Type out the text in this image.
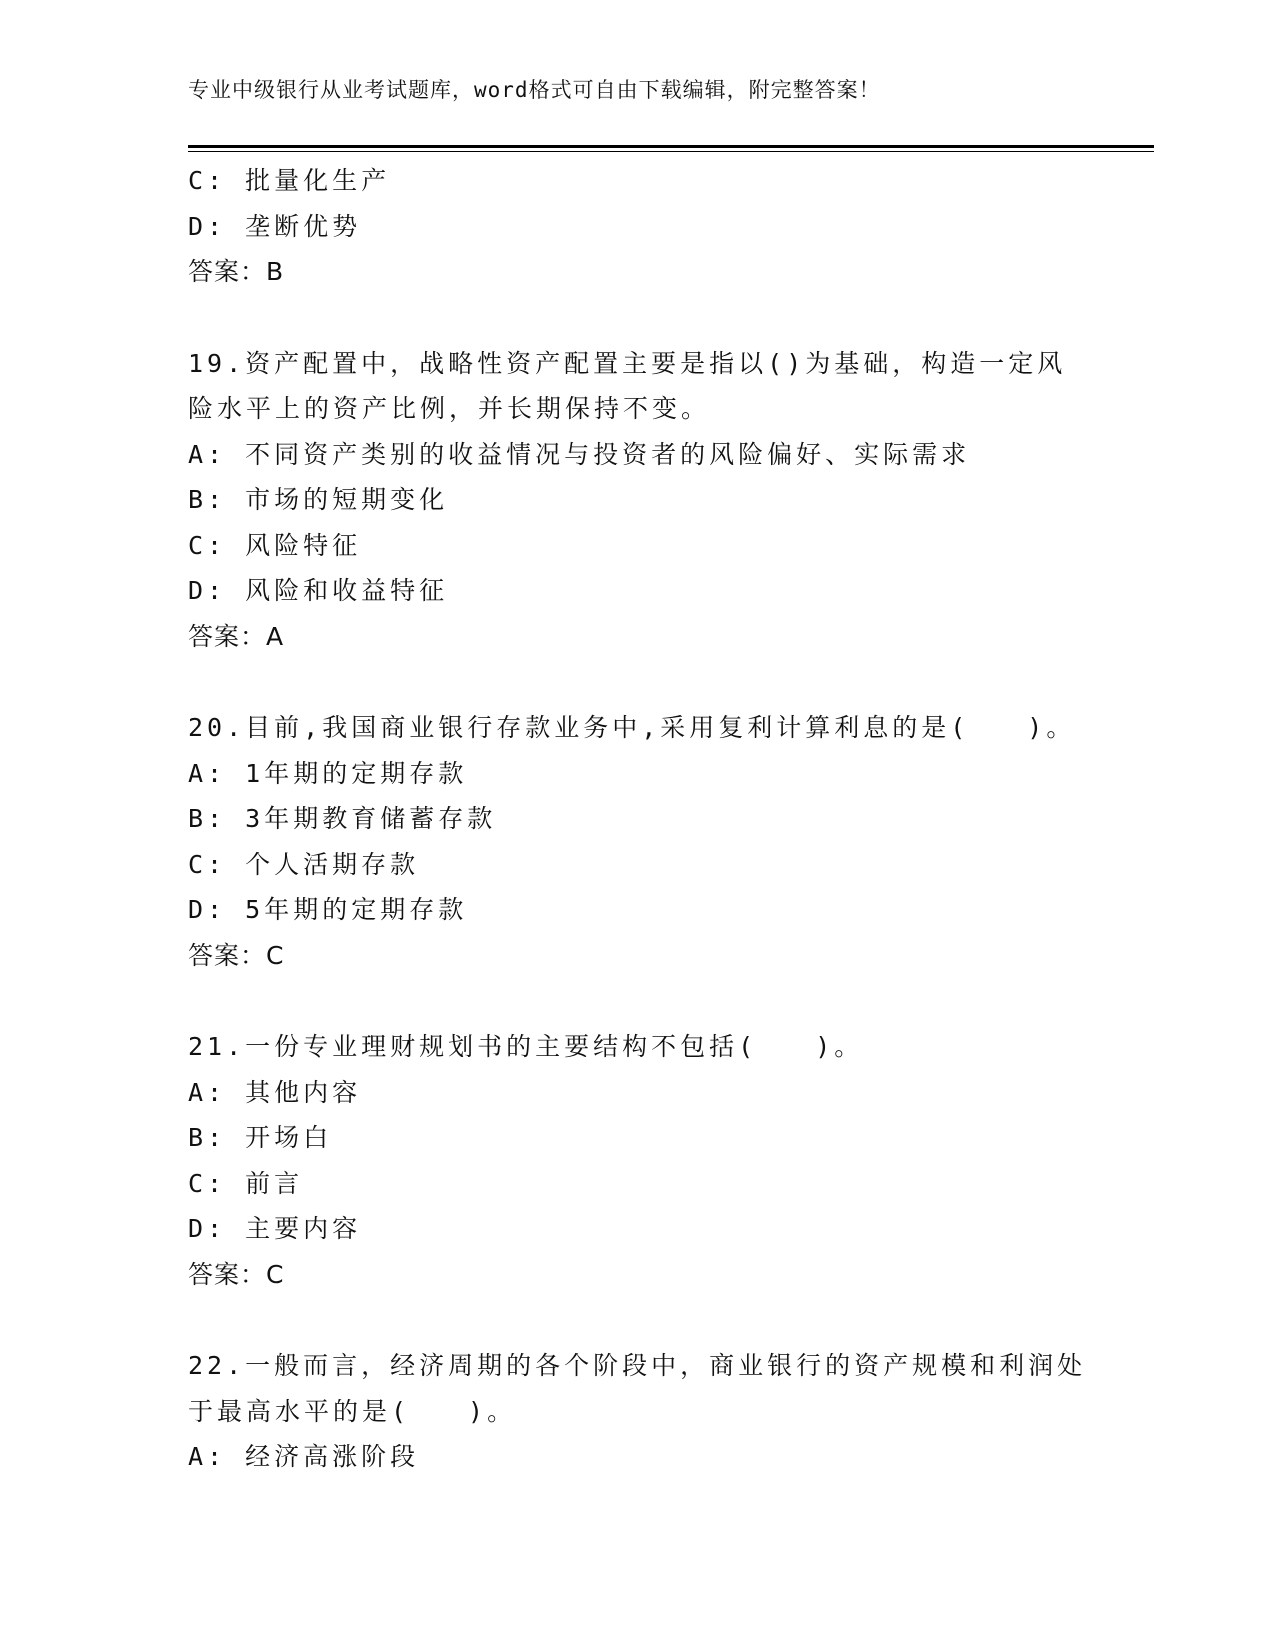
专业中级银行从业考试题库，word格式可自由下载编辑，附完整答案！
C: 批量化生产
D: 垄断优势
答案：B
19.资产配置中，战略性资产配置主要是指以()为基础，构造一定风
险水平上的资产比例，并长期保持不变。
A: 不同资产类别的收益情况与投资者的风险偏好、实际需求
B: 市场的短期变化
C: 风险特征
D: 风险和收益特征
答案：A
20.目前,我国商业银行存款业务中,采用复利计算利息的是(　　)。
A: 1年期的定期存款
B: 3年期教育储蓄存款
C: 个人活期存款
D: 5年期的定期存款
答案：C
21.一份专业理财规划书的主要结构不包括(　　)。
A: 其他内容
B: 开场白
C: 前言
D: 主要内容
答案：C
22.一般而言，经济周期的各个阶段中，商业银行的资产规模和利润处
于最高水平的是(　　)。
A: 经济高涨阶段
